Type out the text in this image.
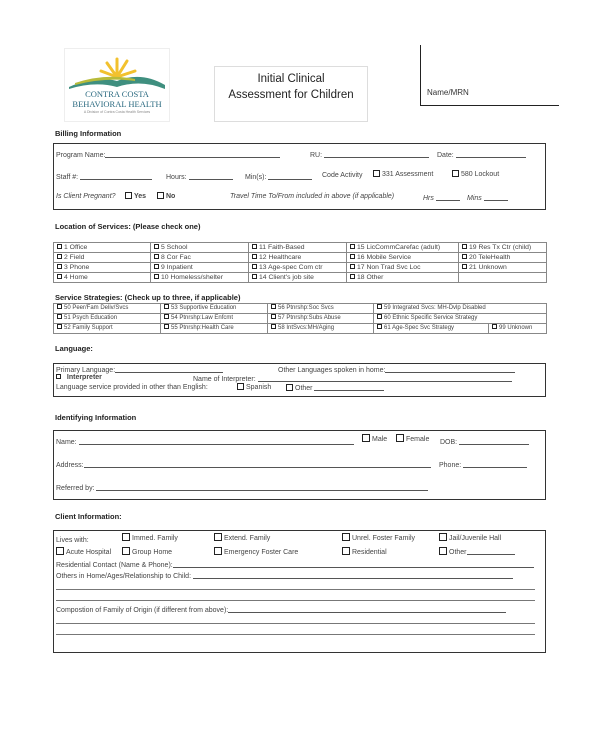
CONTRA COSTA
BEHAVIORAL HEALTH
A Division of Contra Costa Health Services
Initial Clinical
Assessment for Children	Name/MRN
Billing Information
Program Name:	RU:	Date:
Staff #:	Hours:	Min(s):	Code Activity	331 Assessment	580 Lockout
Is Client Pregnant?	Yes	No	Travel Time To/From included in above (if applicable)	Hrs	Mins
Location of Services: (Please check one)
1 Office	5 School	11 Faith-Based	15 LicCommCarefac (adult)	19 Res Tx Ctr (child)
2 Field	8 Cor Fac	12 Healthcare	16 Mobile Service	20 TeleHealth
3 Phone	9 Inpatient	13 Age-spec Com ctr	17 Non Trad Svc Loc	21 Unknown
4 Home	10 Homeless/shelter	14 Client's job site	18 Other	
Service Strategies: (Check up to three, if applicable)
50 Peer/Fam Deliv/Svcs	53 Supportive Education	56 Ptnrshp:Soc Svcs	59 Integrated Svcs: MH-Dvlp Disabled	
51 Psych Education	54 Ptnrshp:Law Enfcmt	57 Ptnrshp:Subs Abuse	60 Ethnic Specific Service Strategy	
52 Family Support	55 Ptnrshp:Health Care	58 IntSvcs:MH/Aging	61 Age-Spec Svc Strategy	99 Unknown
Language:
Primary Language:	Other Languages spoken in home:
Interpreter	Name of Interpreter:
Language service provided in other than English:	Spanish	Other
Identifying Information
Name:	Male	Female DOB:
Address:	Phone:
Referred by:
Client Information:
Lives with:	Immed. Family	Extend. Family	Unrel. Foster Family	Jail/Juvenile Hall
Acute Hospital	Group Home	Emergency Foster Care	Residential	Other
Residential Contact (Name & Phone):
Others in Home/Ages/Relationship to Child:
Compostion of Family of Origin (if different from above):
